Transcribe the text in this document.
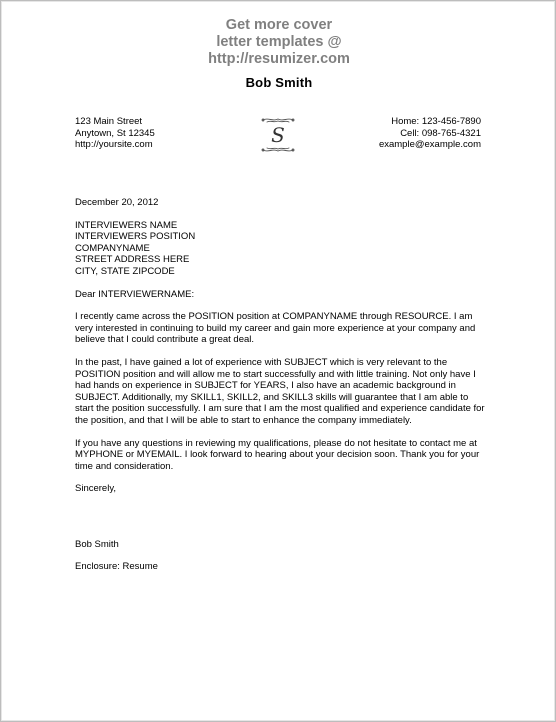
Get more cover
letter templates @
http://resumizer.com
Bob Smith
123 Main Street
Anytown, St 12345
http://yoursite.com	S
Home: 123-456-7890
Cell: 098-765-4321
example@example.com

December 20, 2012

INTERVIEWERS NAME
INTERVIEWERS POSITION
COMPANYNAME
STREET ADDRESS HERE
CITY, STATE ZIPCODE

Dear INTERVIEWERNAME:

I recently came across the POSITION position at COMPANYNAME through RESOURCE. I am very interested in continuing to build my career and gain more experience at your company and believe that I could contribute a great deal.

In the past, I have gained a lot of experience with SUBJECT which is very relevant to the POSITION position and will allow me to start successfully and with little training. Not only have I had hands on experience in SUBJECT for YEARS, I also have an academic background in SUBJECT. Additionally, my SKILL1, SKILL2, and SKILL3 skills will guarantee that I am able to start the position successfully. I am sure that I am the most qualified and experience candidate for the position, and that I will be able to start to enhance the company immediately.

If you have any questions in reviewing my qualifications, please do not hesitate to contact me at MYPHONE or MYEMAIL. I look forward to hearing about your decision soon. Thank you for your time and consideration.

Sincerely,

Bob Smith

Enclosure: Resume
